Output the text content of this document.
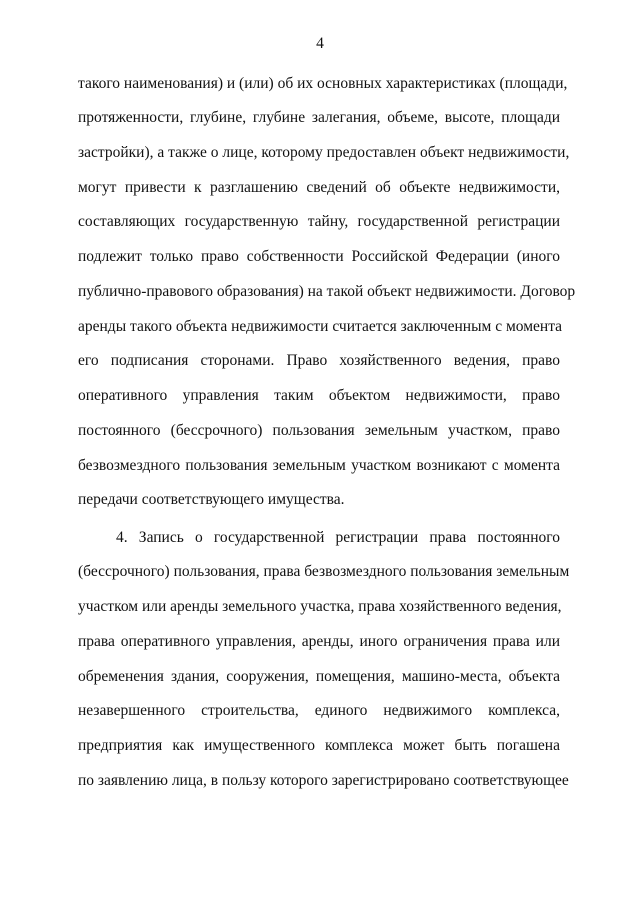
4
такого наименования) и (или) об их основных характеристиках (площади,
протяженности, глубине, глубине залегания, объеме, высоте, площади
застройки), а также о лице, которому предоставлен объект недвижимости,
могут привести к разглашению сведений об объекте недвижимости,
составляющих государственную тайну, государственной регистрации
подлежит только право собственности Российской Федерации (иного
публично-правового образования) на такой объект недвижимости. Договор
аренды такого объекта недвижимости считается заключенным с момента
его подписания сторонами. Право хозяйственного ведения, право
оперативного управления таким объектом недвижимости, право
постоянного (бессрочного) пользования земельным участком, право
безвозмездного пользования земельным участком возникают с момента
передачи соответствующего имущества.
4. Запись о государственной регистрации права постоянного
(бессрочного) пользования, права безвозмездного пользования земельным
участком или аренды земельного участка, права хозяйственного ведения,
права оперативного управления, аренды, иного ограничения права или
обременения здания, сооружения, помещения, машино-места, объекта
незавершенного строительства, единого недвижимого комплекса,
предприятия как имущественного комплекса может быть погашена
по заявлению лица, в пользу которого зарегистрировано соответствующее
